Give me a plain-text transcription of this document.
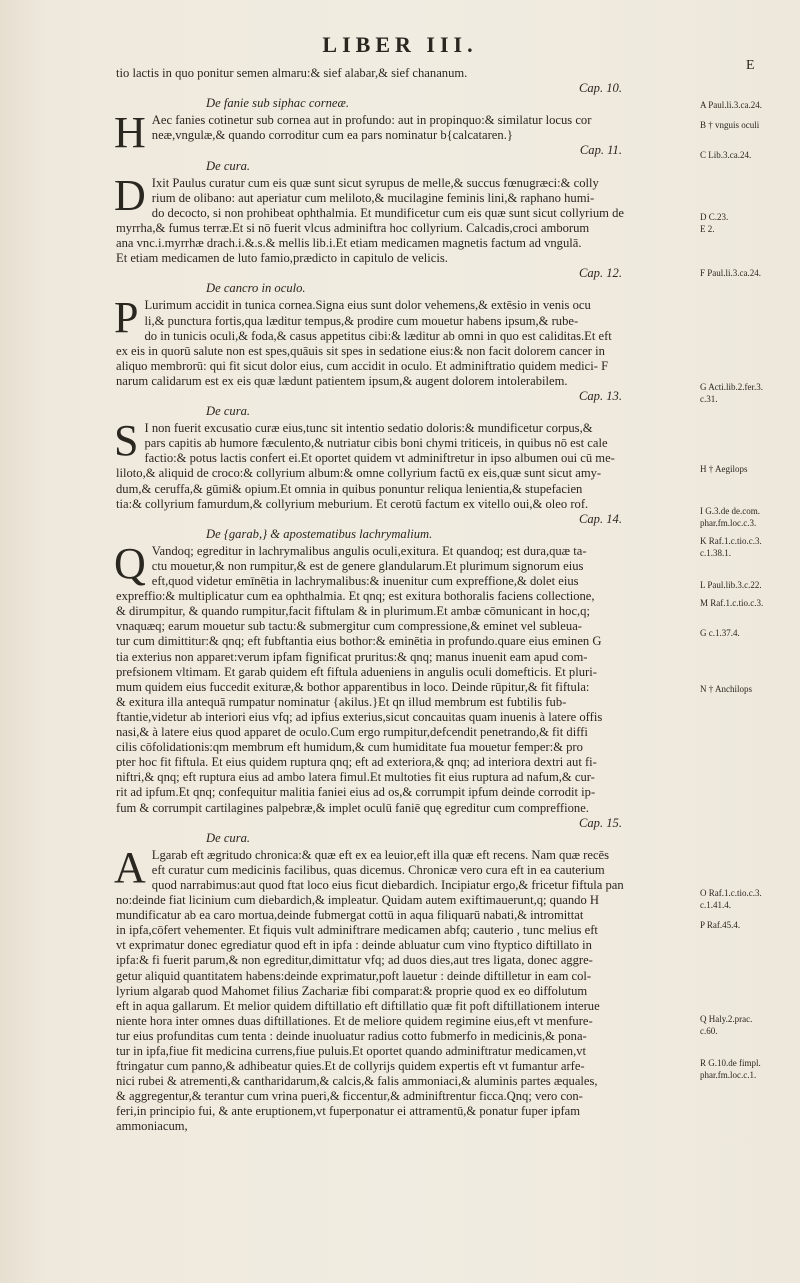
LIBER III.
E
tio lactis in quo ponitur semen almaru:& sief alabar,& sief chananum.
Cap. 10.
De fanie sub siphac corneæ.
H Aec fanies cotinetur sub cornea aut in profundo: aut in propinquo:& similatur locus cor
neæ,vngulæ,& quando corroditur cum ea pars nominatur b{calcataren.}
Cap. 11.
De cura.
D Ixit Paulus curatur cum eis quæ sunt sicut syrupus de melle,& succus fœnugræci:& colly
rium de olibano: aut aperiatur cum meliloto,& mucilagine feminis lini,& raphano humi-
do decocto, si non prohibeat ophthalmia. Et mundificetur cum eis quæ sunt sicut collyrium de
myrrha,& fumus terræ.Et si nō fuerit vlcus adminiftra hoc collyrium. Calcadis,croci amborum
ana vnc.i.myrrhæ drach.i.&.s.& mellis lib.i.Et etiam medicamen magnetis factum ad vngulā.
Et etiam medicamen de luto famio,prædicto in capitulo de velicis.
Cap. 12.
De cancro in oculo.
P Lurimum accidit in tunica cornea.Signa eius sunt dolor vehemens,& extēsio in venis ocu
li,& punctura fortis,qua læditur tempus,& prodire cum mouetur habens ipsum,& rube-
do in tunicis oculi,& foda,& casus appetitus cibi:& læditur ab omni in quo est caliditas.Et eft
ex eis in quorū salute non est spes,quāuis sit spes in sedatione eius:& non facit dolorem cancer in
aliquo membrorū: qui fit sicut dolor eius, cum accidit in oculo. Et adminiftratio quidem medici- F
narum calidarum est ex eis quæ lædunt patientem ipsum,& augent dolorem intolerabilem.
Cap. 13.
De cura.
S I non fuerit excusatio curæ eius,tunc sit intentio sedatio doloris:& mundificetur corpus,&
pars capitis ab humore fæculento,& nutriatur cibis boni chymi triticeis, in quibus nō est cale
factio:& potus lactis confert ei.Et oportet quidem vt adminiftretur in ipso albumen oui cū me-
liloto,& aliquid de croco:& collyrium album:& omne collyrium factū ex eis,quæ sunt sicut amy-
dum,& ceruffa,& gūmi& opium.Et omnia in quibus ponuntur reliqua lenientia,& stupefacien
tia:& collyrium famurdum,& collyrium meburium. Et cerotū factum ex vitello oui,& oleo rof.
Cap. 14.
De {garab,} & apostematibus lachrymalium.
Q Vandoq; egreditur in lachrymalibus angulis oculi,exitura. Et quandoq; est dura,quæ ta-
ctu mouetur,& non rumpitur,& est de genere glandularum.Et plurimum signorum eius
eft,quod videtur emīnētia in lachrymalibus:& inuenitur cum expreffione,& dolet eius
expreffio:& multiplicatur cum ea ophthalmia. Et qnq; est exitura bothoralis faciens collectione,
& dirumpitur, & quando rumpitur,facit fiftulam & in plurimum.Et ambæ cōmunicant in hoc,q;
vnaquæq; earum mouetur sub tactu:& submergitur cum compressione,& eminet vel subleua-
tur cum dimittitur:& qnq; eft fubftantia eius bothor:& eminētia in profundo.quare eius eminen G
tia exterius non apparet:verum ipfam fignificat pruritus:& qnq; manus inuenit eam apud com-
prefsionem vltimam. Et garab quidem eft fiftula adueniens in angulis oculi domefticis. Et pluri-
mum quidem eius fuccedit exituræ,& bothor apparentibus in loco. Deinde rūpitur,& fit fiftula:
& exitura illa antequā rumpatur nominatur {akilus.}Et qn illud membrum est fubtilis fub-
ftantie,videtur ab interiori eius vfq; ad ipfius exterius,sicut concauitas quam inuenis à latere offis
nasi,& à latere eius quod apparet de oculo.Cum ergo rumpitur,defcendit penetrando,& fit diffi
cilis cōfolidationis:qm membrum eft humidum,& cum humiditate fua mouetur femper:& pro
pter hoc fit fiftula. Et eius quidem ruptura qnq; eft ad exteriora,& qnq; ad interiora dextri aut fi-
niftri,& qnq; eft ruptura eius ad ambo latera fimul.Et multoties fit eius ruptura ad nafum,& cur-
rit ad ipfum.Et qnq; confequitur malitia faniei eius ad os,& corrumpit ipfum deinde corrodit ip-
fum & corrumpit cartilagines palpebræ,& implet oculū faniē quę egreditur cum compreffione.
Cap. 15.
De cura.
A Lgarab eft ægritudo chronica:& quæ eft ex ea leuior,eft illa quæ eft recens. Nam quæ recēs
eft curatur cum medicinis facilibus, quas dicemus. Chronicæ vero cura eft in ea cauterium
quod narrabimus:aut quod ftat loco eius ficut diebardich. Incipiatur ergo,& fricetur fiftula pan
no:deinde fiat licinium cum diebardich,& impleatur. Quidam autem exiftimauerunt,q; quando H
mundificatur ab ea caro mortua,deinde fubmergat cottū in aqua filiquarū nabati,& intromittat
in ipfa,cōfert vehementer. Et fiquis vult adminiftrare medicamen abfq; cauterio , tunc melius eft
vt exprimatur donec egrediatur quod eft in ipfa : deinde abluatur cum vino ftyptico diftillato in
ipfa:& fi fuerit parum,& non egreditur,dimittatur vfq; ad duos dies,aut tres ligata, donec aggre-
getur aliquid quantitatem habens:deinde exprimatur,poft lauetur : deinde diftilletur in eam col-
lyrium algarab quod Mahomet filius Zachariæ fibi comparat:& proprie quod ex eo diffolutum
eft in aqua gallarum. Et melior quidem diftillatio eft diftillatio quæ fit poft diftillationem interue
niente hora inter omnes duas diftillationes. Et de meliore quidem regimine eius,eft vt menfure-
tur eius profunditas cum tenta : deinde inuoluatur radius cotto fubmerfo in medicinis,& pona-
tur in ipfa,fiue fit medicina currens,fiue puluis.Et oportet quando adminiftratur medicamen,vt
ftringatur cum panno,& adhibeatur quies.Et de collyrijs quidem expertis eft vt fumantur arfe-
nici rubei & atrementi,& cantharidarum,& calcis,& falis ammoniaci,& aluminis partes æquales,
& aggregentur,& terantur cum vrina pueri,& ficcentur,& adminiftrentur ficca.Qnq; vero con-
feri,in principio fui, & ante eruptionem,vt fuperponatur ei attramentū,& ponatur fuper ipfam
ammoniacum,
A Paul.li.3.ca.24.
B † vnguis oculi
C Lib.3.ca.24.
D C.23.
E 2.
F Paul.li.3.ca.24.
G Acti.lib.2.fer.3.
c.31.
H † Aegilops
I G.3.de de.com.
phar.fm.loc.c.3.
K Raf.1.c.tio.c.3.
c.1.38.1.
L Paul.lib.3.c.22.
M Raf.1.c.tio.c.3.
G c.1.37.4.
N † Anchilops
O Raf.1.c.tio.c.3.
c.1.41.4.
P Raf.45.4.
Q Haly.2.prac.
c.60.
R G.10.de fimpl.
phar.fm.loc.c.1.
